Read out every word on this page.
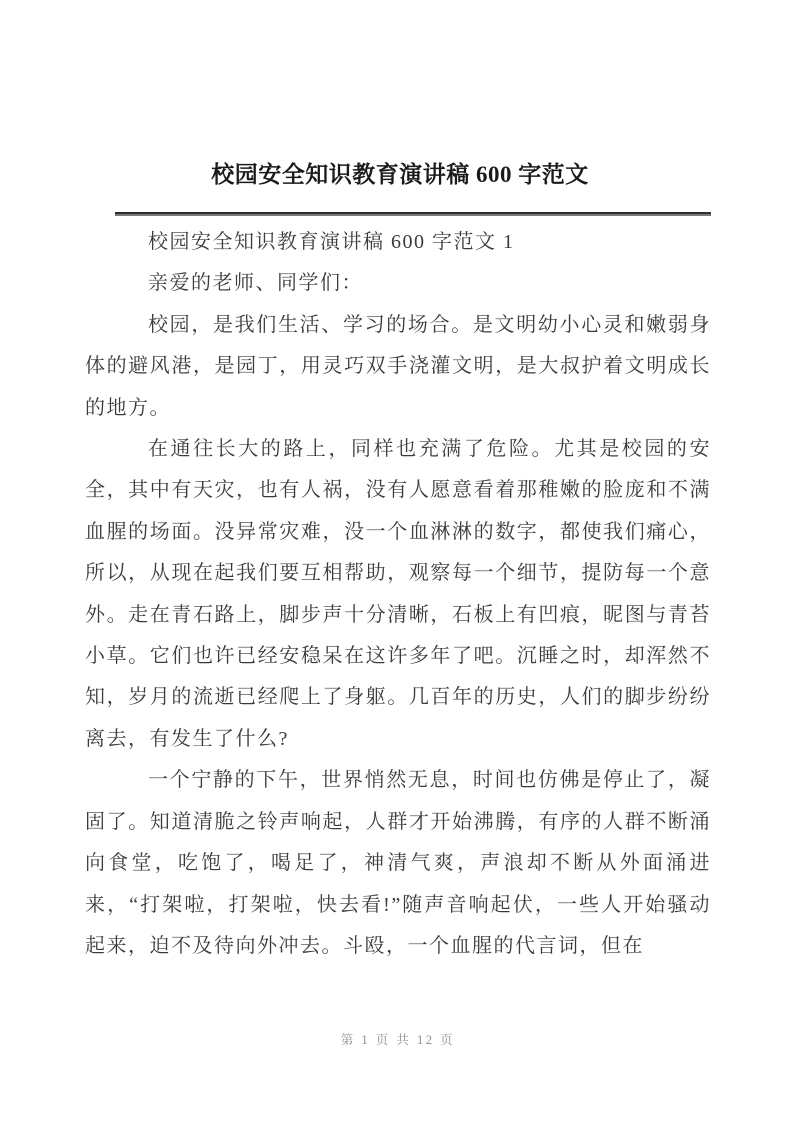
校园安全知识教育演讲稿 600 字范文

校园安全知识教育演讲稿 600 字范文 1

亲爱的老师、同学们：

校园，是我们生活、学习的场合。是文明幼小心灵和嫩弱身体的避风港，是园丁，用灵巧双手浇灌文明，是大叔护着文明成长的地方。

在通往长大的路上，同样也充满了危险。尤其是校园的安全，其中有天灾，也有人祸，没有人愿意看着那稚嫩的脸庞和不满血腥的场面。没异常灾难，没一个血淋淋的数字，都使我们痛心，所以，从现在起我们要互相帮助，观察每一个细节，提防每一个意外。走在青石路上，脚步声十分清晰，石板上有凹痕，昵图与青苔小草。它们也许已经安稳呆在这许多年了吧。沉睡之时，却浑然不知，岁月的流逝已经爬上了身躯。几百年的历史，人们的脚步纷纷离去，有发生了什么?

一个宁静的下午，世界悄然无息，时间也仿佛是停止了，凝固了。知道清脆之铃声响起，人群才开始沸腾，有序的人群不断涌向食堂，吃饱了，喝足了，神清气爽，声浪却不断从外面涌进来，“打架啦，打架啦，快去看!”随声音响起伏，一些人开始骚动起来，迫不及待向外冲去。斗殴，一个血腥的代言词，但在

第 1 页 共 12 页
